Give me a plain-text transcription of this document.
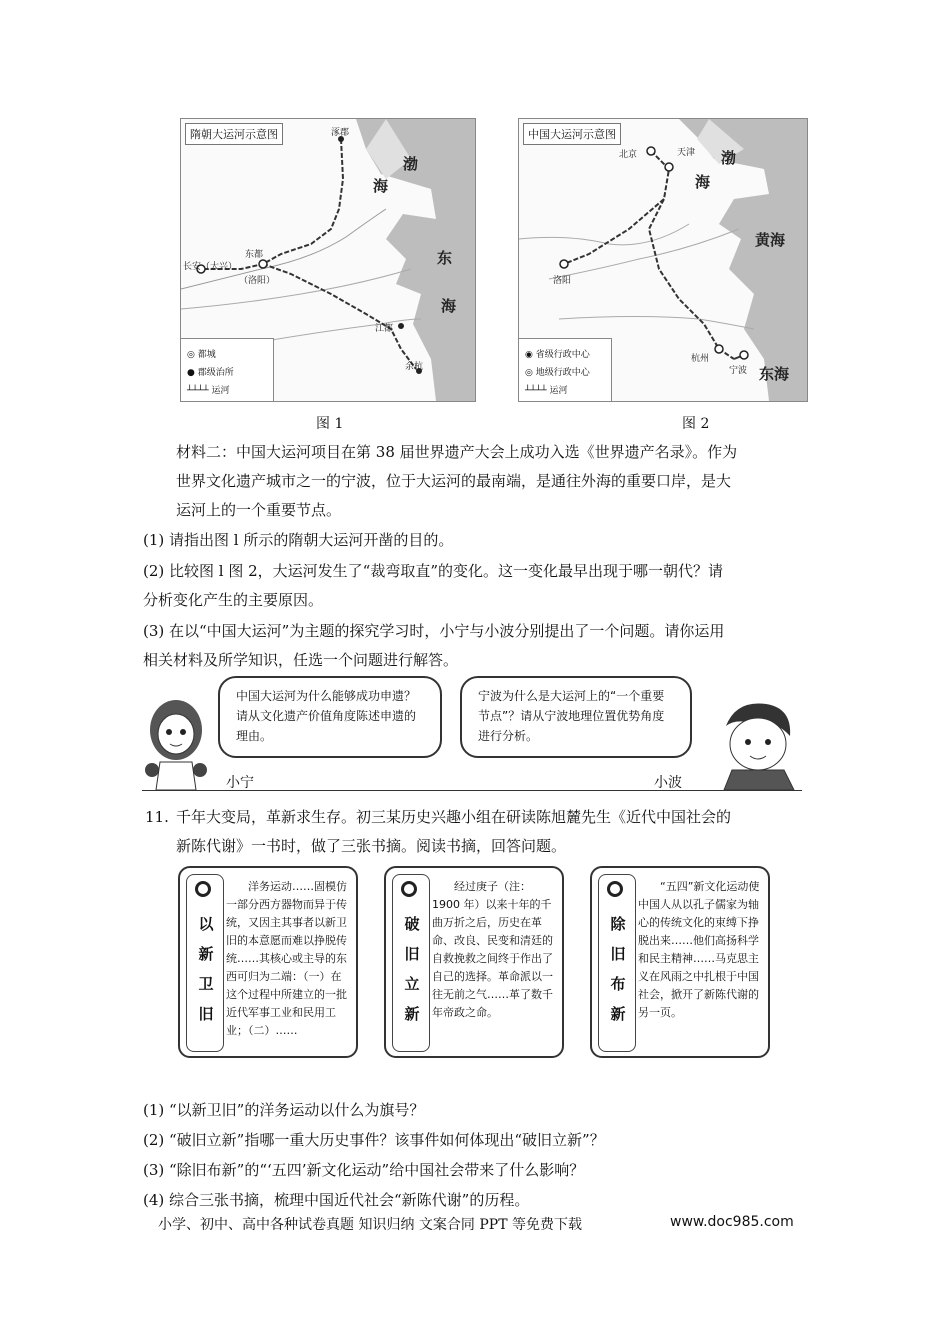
隋朝大运河示意图	涿郡
长安（大兴）
东都
（洛阳）
江都
余杭
渤
海
东
海
◎ 都城
● 郡级治所
┴┴┴┴ 运河
图 1
中国大运河示意图
北京	天津
洛阳
杭州
宁波
渤
海
黄海
东海
◉ 省级行政中心
◎ 地级行政中心
┴┴┴┴ 运河
图 2
材料二：中国大运河项目在第 38 届世界遗产大会上成功入选《世界遗产名录》。作为
世界文化遗产城市之一的宁波，位于大运河的最南端，是通往外海的重要口岸，是大
运河上的一个重要节点。
(1) 请指出图 l 所示的隋朝大运河开凿的目的。
(2) 比较图 l 图 2，大运河发生了“裁弯取直”的变化。这一变化最早出现于哪一朝代？请
分析变化产生的主要原因。
(3) 在以“中国大运河”为主题的探究学习时，小宁与小波分别提出了一个问题。请你运用
相关材料及所学知识，任选一个问题进行解答。
中国大运河为什么能够成功申遗？请从文化遗产价值角度陈述申遗的理由。
小宁
宁波为什么是大运河上的“一个重要节点”？请从宁波地理位置优势角度进行分析。
小波
11. 千年大变局，革新求生存。初三某历史兴趣小组在研读陈旭麓先生《近代中国社会的
新陈代谢》一书时，做了三张书摘。阅读书摘，回答问题。
以新卫旧
洋务运动……固模仿一部分西方器物而异于传统，又因主其事者以新卫旧的本意愿而难以挣脱传统……其核心或主导的东西可归为二端：（一）在这个过程中所建立的一批近代军事工业和民用工业；（二）……
破旧立新
经过庚子（注：1900 年）以来十年的千曲万折之后，历史在革命、改良、民变和清廷的自救挽救之间终于作出了自己的选择。革命派以一往无前之气……革了数千年帝政之命。
除旧布新
“五四”新文化运动使中国人从以孔子儒家为轴心的传统文化的束缚下挣脱出来……他们高扬科学和民主精神……马克思主义在风雨之中扎根于中国社会，掀开了新陈代谢的另一页。
(1) “以新卫旧”的洋务运动以什么为旗号？
(2) “破旧立新”指哪一重大历史事件？该事件如何体现出“破旧立新”？
(3) “除旧布新”的“‘五四’新文化运动”给中国社会带来了什么影响？
(4) 综合三张书摘，梳理中国近代社会“新陈代谢”的历程。
小学、初中、高中各种试卷真题 知识归纳 文案合同 PPT 等免费下载	www.doc985.com
